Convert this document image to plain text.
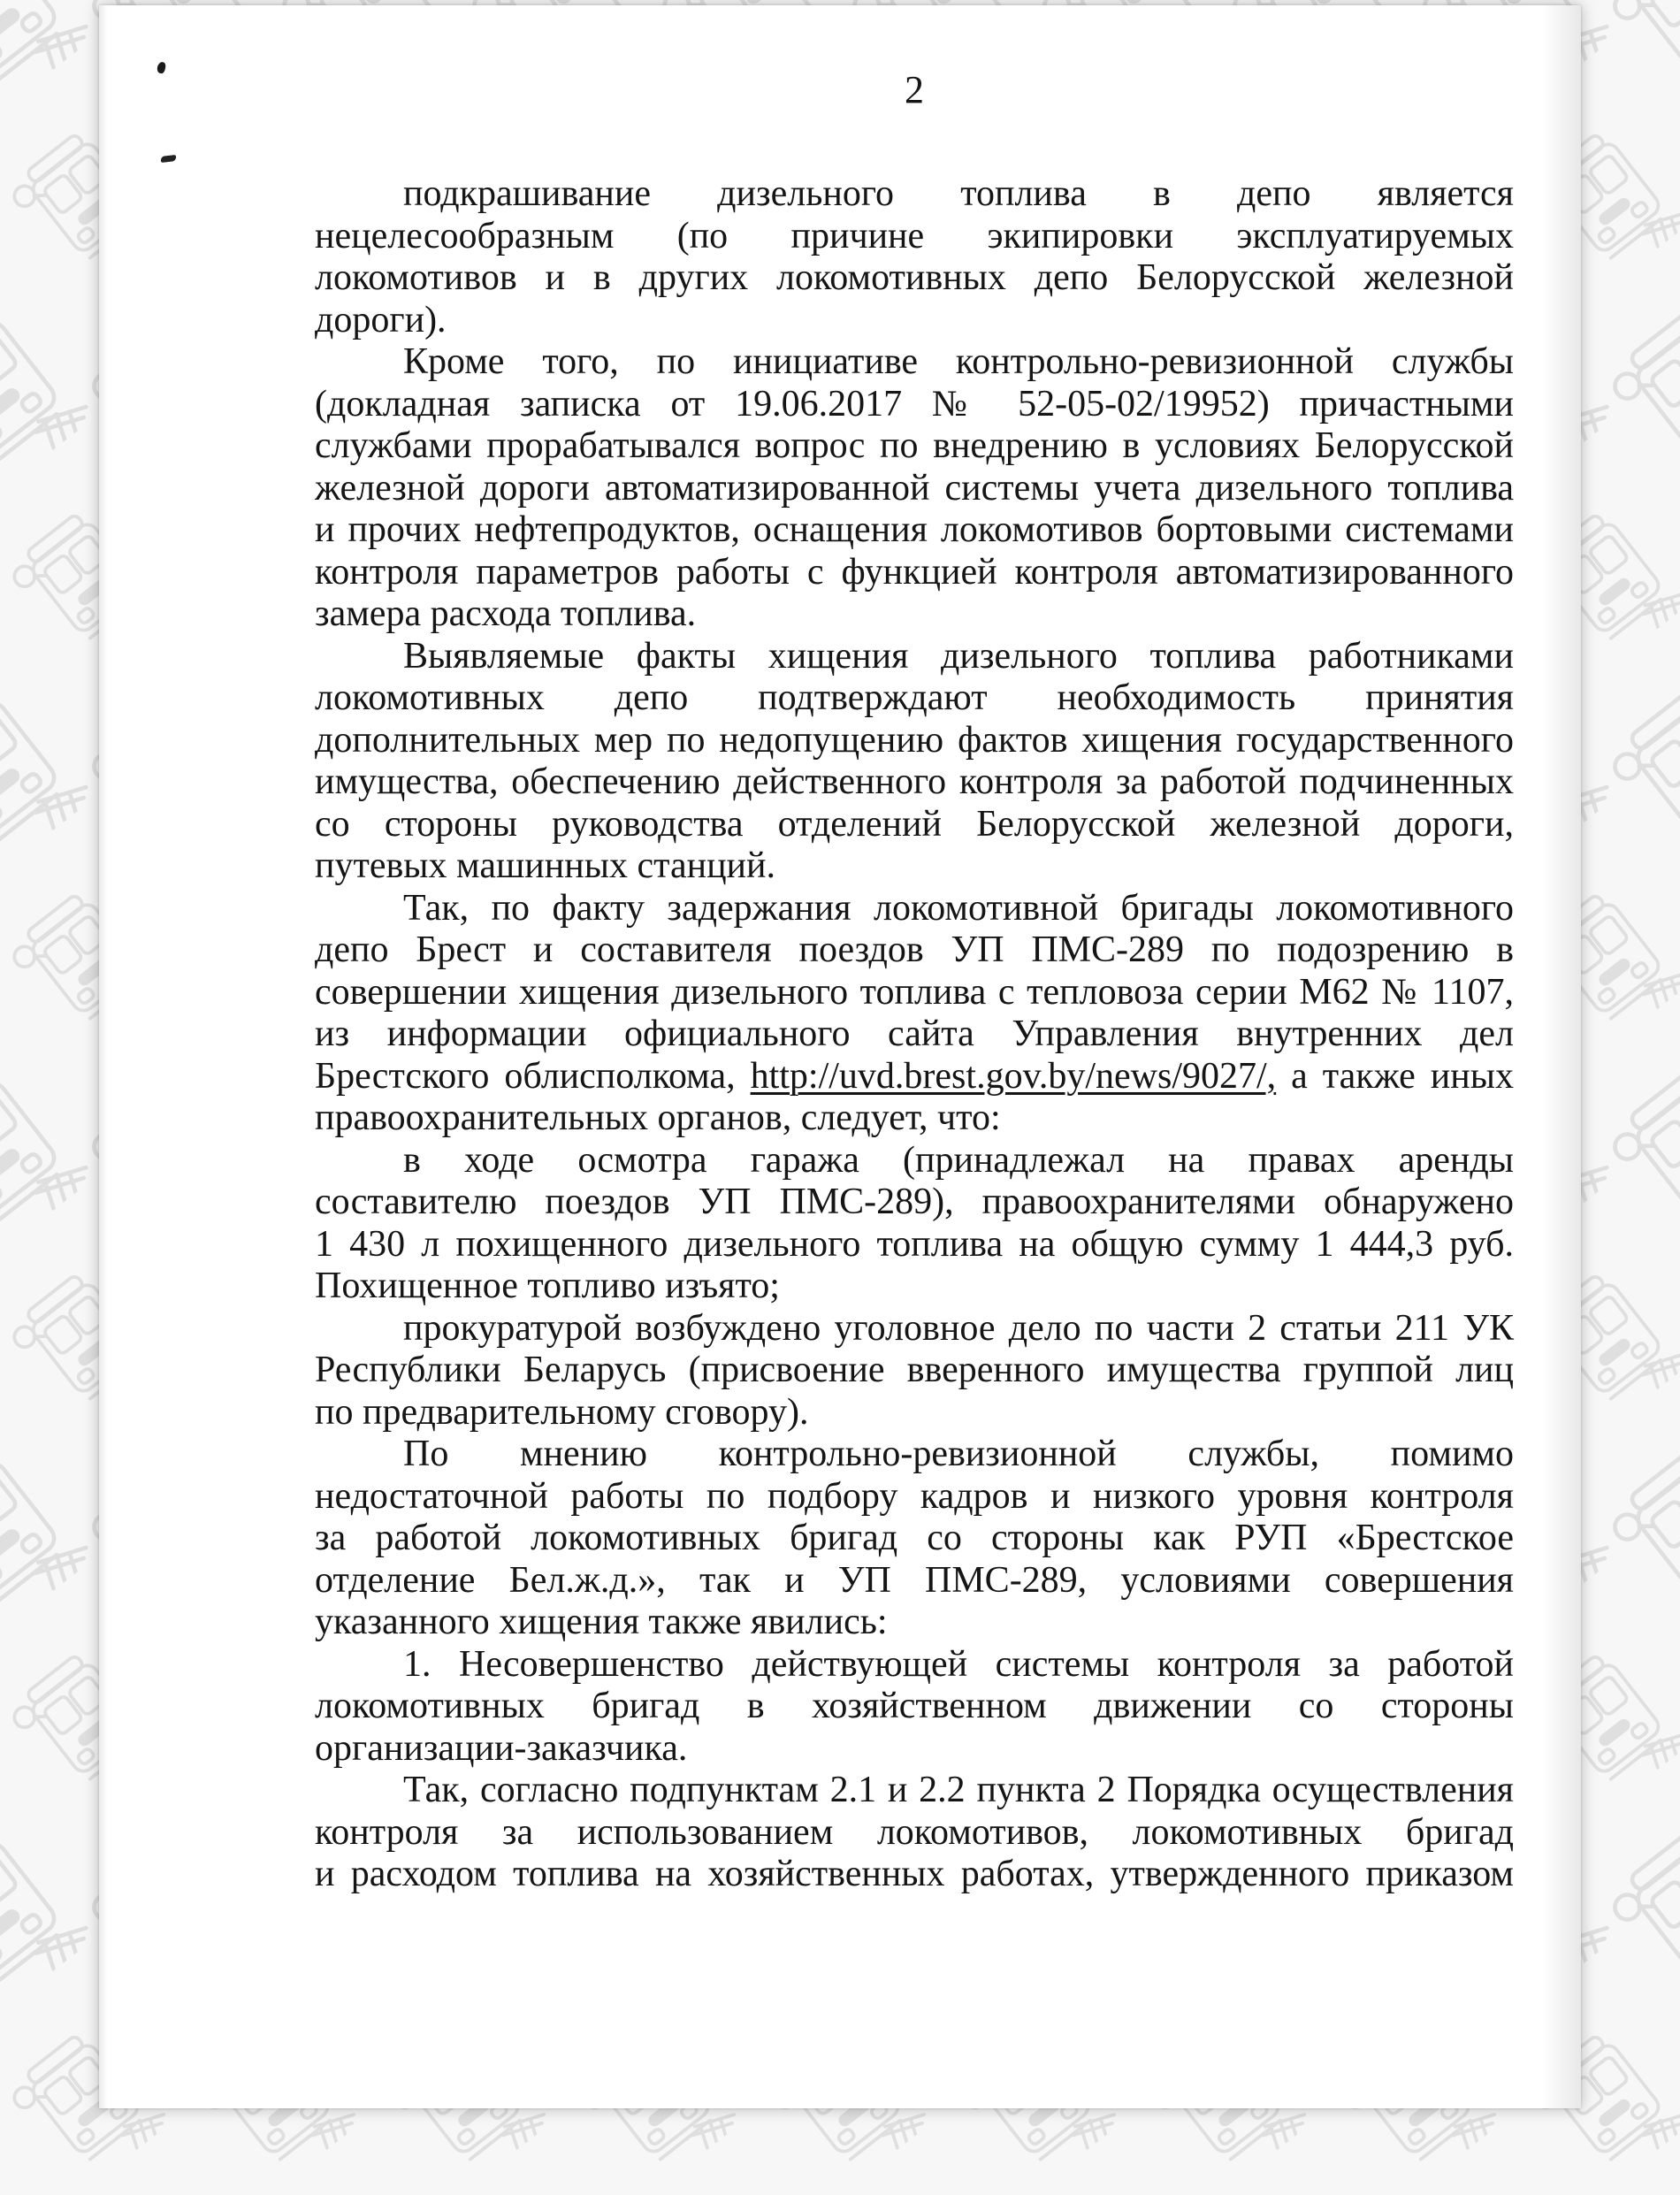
2
подкрашивание дизельного топлива в депо является
нецелесообразным (по причине экипировки эксплуатируемых
локомотивов и в других локомотивных депо Белорусской железной
дороги).
Кроме того, по инициативе контрольно-ревизионной службы
(докладная записка от 19.06.2017 № 52-05-02/19952) причастными
службами прорабатывался вопрос по внедрению в условиях Белорусской
железной дороги автоматизированной системы учета дизельного топлива
и прочих нефтепродуктов, оснащения локомотивов бортовыми системами
контроля параметров работы с функцией контроля автоматизированного
замера расхода топлива.
Выявляемые факты хищения дизельного топлива работниками
локомотивных депо подтверждают необходимость принятия
дополнительных мер по недопущению фактов хищения государственного
имущества, обеспечению действенного контроля за работой подчиненных
со стороны руководства отделений Белорусской железной дороги,
путевых машинных станций.
Так, по факту задержания локомотивной бригады локомотивного
депо Брест и составителя поездов УП ПМС-289 по подозрению в
совершении хищения дизельного топлива с тепловоза серии М62 № 1107,
из информации официального сайта Управления внутренних дел
Брестского облисполкома, http://uvd.brest.gov.by/news/9027/, а также иных
правоохранительных органов, следует, что:
в ходе осмотра гаража (принадлежал на правах аренды
составителю поездов УП ПМС-289), правоохранителями обнаружено
1 430 л похищенного дизельного топлива на общую сумму 1 444,3 руб.
Похищенное топливо изъято;
прокуратурой возбуждено уголовное дело по части 2 статьи 211 УК
Республики Беларусь (присвоение вверенного имущества группой лиц
по предварительному сговору).
По мнению контрольно-ревизионной службы, помимо
недостаточной работы по подбору кадров и низкого уровня контроля
за работой локомотивных бригад со стороны как РУП «Брестское
отделение Бел.ж.д.», так и УП ПМС-289, условиями совершения
указанного хищения также явились:
1. Несовершенство действующей системы контроля за работой
локомотивных бригад в хозяйственном движении со стороны
организации-заказчика.
Так, согласно подпунктам 2.1 и 2.2 пункта 2 Порядка осуществления
контроля за использованием локомотивов, локомотивных бригад
и расходом топлива на хозяйственных работах, утвержденного приказом
